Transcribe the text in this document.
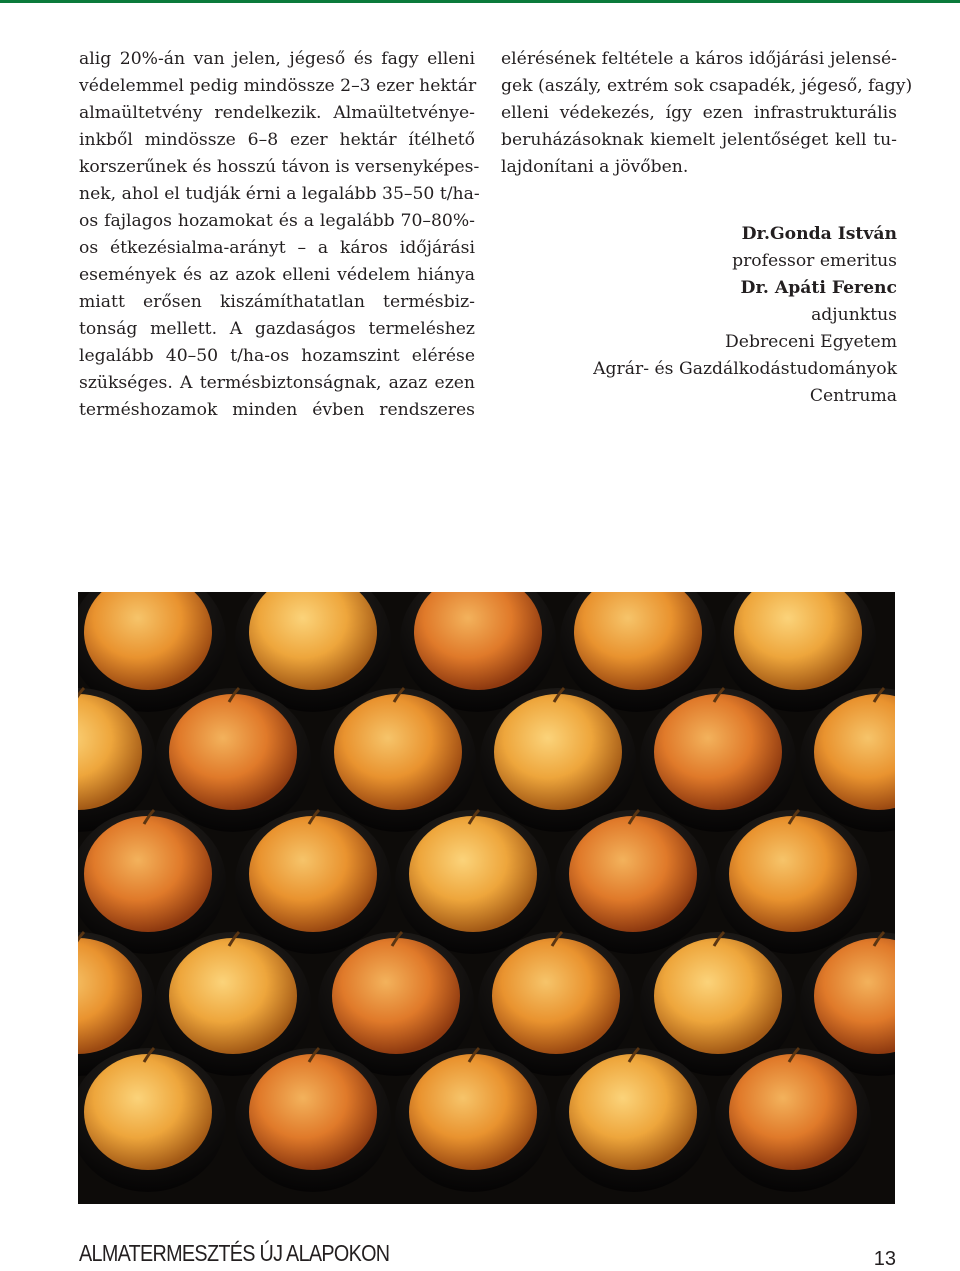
alig 20%-án van jelen, jégeső és fagy elleni
védelemmel pedig mindössze 2–3 ezer hektár
almaültetvény rendelkezik. Almaültetvénye-
inkből mindössze 6–8 ezer hektár ítélhető
korszerűnek és hosszú távon is versenyképes-
nek, ahol el tudják érni a legalább 35–50 t/ha-
os fajlagos hozamokat és a legalább 70–80%-
os étkezésialma-arányt – a káros időjárási
események és az azok elleni védelem hiánya
miatt erősen kiszámíthatatlan termésbiz-
tonság mellett. A gazdaságos termeléshez
legalább 40–50 t/ha-os hozamszint elérése
szükséges. A termésbiztonságnak, azaz ezen
terméshozamok minden évben rendszeres

elérésének feltétele a káros időjárási jelensé-
gek (aszály, extrém sok csapadék, jégeső, fagy)
elleni védekezés, így ezen infrastrukturális
beruházásoknak kiemelt jelentőséget kell tu-
lajdonítani a jövőben.

Dr.Gonda István
professor emeritus
Dr. Apáti Ferenc
adjunktus
Debreceni Egyetem
Agrár- és Gazdálkodástudományok
Centruma
ALMATERMESZTÉS ÚJ ALAPOKON	13
